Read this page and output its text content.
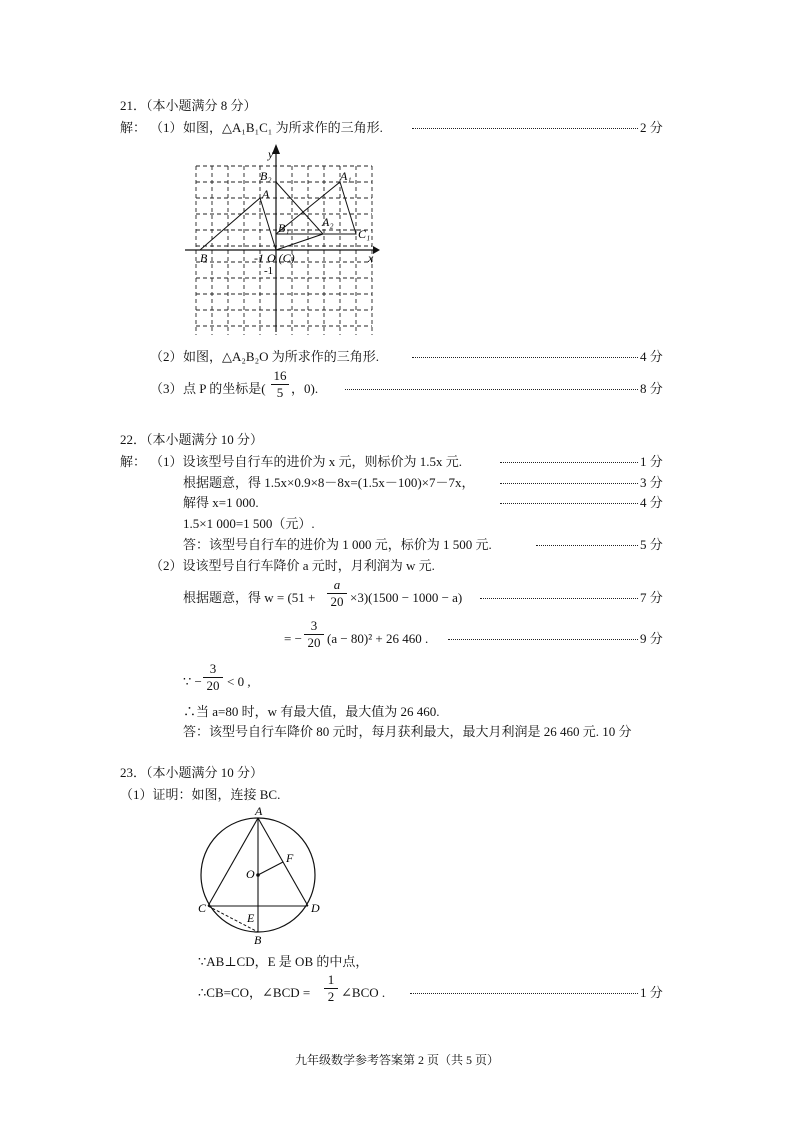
21．（本小题满分 8 分）
解： （1） 如图，△A₁B₁C₁ 为所求作的三角形.	2 分
y
x
B₂
A
A₁
B₁	A₂
C₁
B	-1 O (C)
-1
（2） 如图，△A₂B₂O 为所求作的三角形.	4 分
（3） 点 P 的坐标是(
16
5 ，0).	8 分
22．（本小题满分 10 分）
解： （1）设该型号自行车的进价为 x 元，则标价为 1.5x 元.	1 分
根据题意，得 1.5x×0.9×8－8x=(1.5x－100)×7－7x，	3 分
解得 x=1 000.	4 分
1.5×1 000=1 500（元）.
答：该型号自行车的进价为 1 000 元，标价为 1 500 元.	5 分
（2）设该型号自行车降价 a 元时，月利润为 w 元.
根据题意，得 w = (51 +
a
20 ×3)(1500 − 1000 − a)	7 分
= −
3
20 (a − 80)² + 26 460 .	9 分
∵ −
3
20 < 0 ,
∴当 a=80 时，w 有最大值，最大值为 26 460.
答：该型号自行车降价 80 元时，每月获利最大，最大月利润是 26 460 元. 10 分
23．（本小题满分 10 分）
（1）证明：如图，连接 BC.
A
F
O
C
E
D
B
∵AB⊥CD，E 是 OB 的中点，
∴CB=CO，∠BCD =
1
2 ∠BCO .	1 分
九年级数学参考答案第 2 页（共 5 页）
